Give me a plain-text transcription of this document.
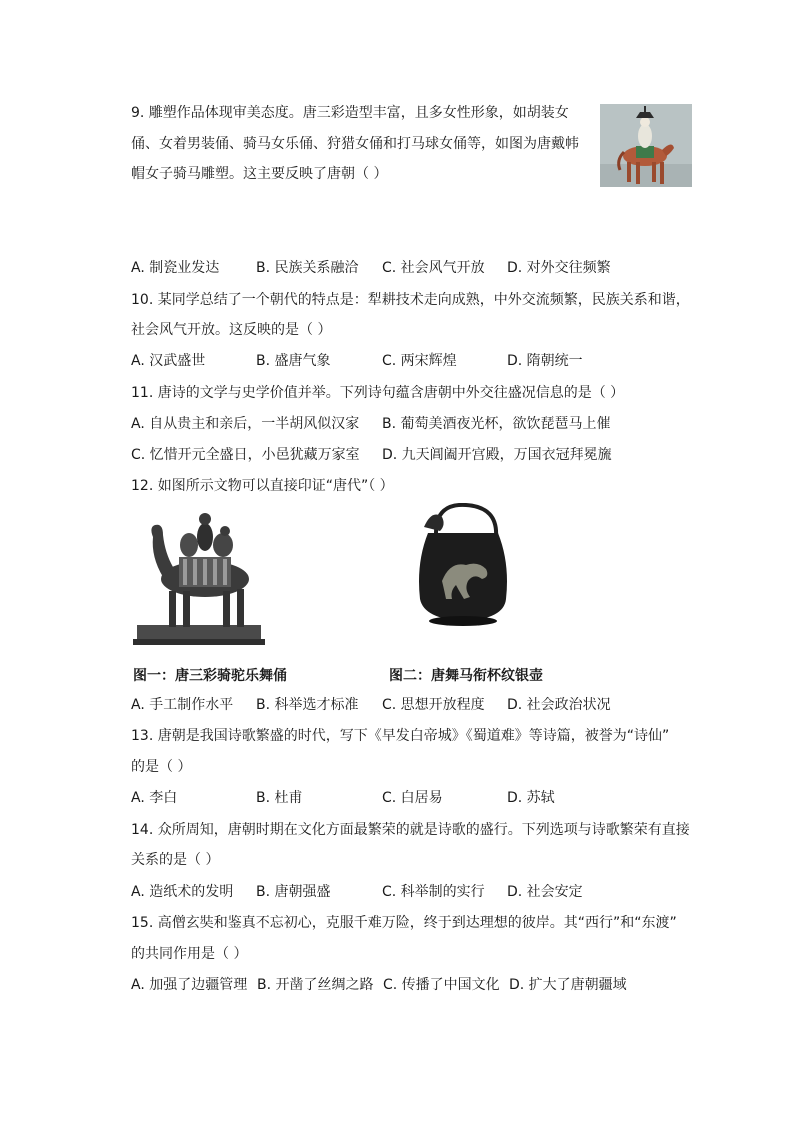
9. 雕塑作品体现审美态度。唐三彩造型丰富，且多女性形象，如胡装女
俑、女着男装俑、骑马女乐俑、狩猎女俑和打马球女俑等，如图为唐戴帏
帽女子骑马雕塑。这主要反映了唐朝（ ）
A. 制瓷业发达	B. 民族关系融洽 C. 社会风气开放 D. 对外交往频繁
10. 某同学总结了一个朝代的特点是：犁耕技术走向成熟，中外交流频繁，民族关系和谐，
社会风气开放。这反映的是（ ）
A. 汉武盛世	B. 盛唐气象	C. 两宋辉煌	D. 隋朝统一
11. 唐诗的文学与史学价值并举。下列诗句蕴含唐朝中外交往盛况信息的是（ ）
A. 自从贵主和亲后，一半胡风似汉家 B. 葡萄美酒夜光杯，欲饮琵琶马上催
C. 忆惜开元全盛日，小邑犹藏万家室 D. 九天阊阖开宫殿，万国衣冠拜冕旒
12. 如图所示文物可以直接印证“唐代”（ ）
图一：唐三彩骑驼乐舞俑	图二：唐舞马衔杯纹银壶
A. 手工制作水平 B. 科举选才标准 C. 思想开放程度 D. 社会政治状况
13. 唐朝是我国诗歌繁盛的时代，写下《早发白帝城》《蜀道难》等诗篇，被誉为“诗仙”
的是（ ）
A. 李白	B. 杜甫	C. 白居易	D. 苏轼
14. 众所周知，唐朝时期在文化方面最繁荣的就是诗歌的盛行。下列选项与诗歌繁荣有直接
关系的是（ ）
A. 造纸术的发明 B. 唐朝强盛	C. 科举制的实行 D. 社会安定
15. 高僧玄奘和鉴真不忘初心，克服千难万险，终于到达理想的彼岸。其“西行”和“东渡”
的共同作用是（ ）
A. 加强了边疆管理 B. 开凿了丝绸之路 C. 传播了中国文化 D. 扩大了唐朝疆域
